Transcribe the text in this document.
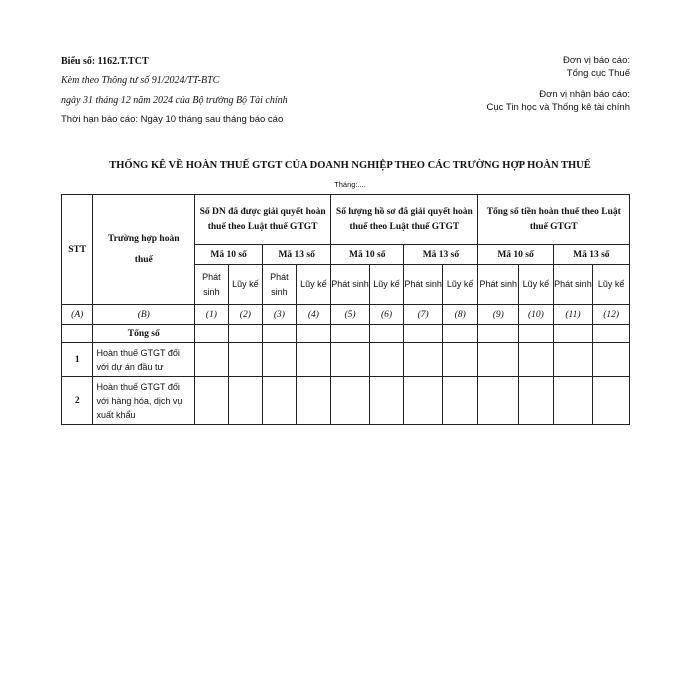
Biểu số: 1162.T.TCT
Kèm theo Thông tư số 91/2024/TT-BTC
ngày 31 tháng 12 năm 2024 của Bộ trưởng Bộ Tài chính
Thời hạn báo cáo: Ngày 10 tháng sau tháng báo cáo
Đơn vị báo cáo:
Tổng cục Thuế
Đơn vị nhận báo cáo:
Cục Tin học và Thống kê tài chính
THỐNG KÊ VỀ HOÀN THUẾ GTGT CỦA DOANH NGHIỆP THEO CÁC TRƯỜNG HỢP HOÀN THUẾ
Tháng:....
STT	Trường hợp hoàn thuế	Số DN đã được giải quyết hoàn thuế theo Luật thuế GTGT				Số lượng hồ sơ đã giải quyết hoàn thuế theo Luật thuế GTGT				Tổng số tiền hoàn thuế theo Luật thuế GTGT			
		Mã 10 số		Mã 13 số		Mã 10 số		Mã 13 số		Mã 10 số		Mã 13 số	
		Phát sinh	Lũy kế	Phát sinh	Lũy kế	Phát sinh	Lũy kế	Phát sinh	Lũy kế	Phát sinh	Lũy kế	Phát sinh	Lũy kế
(A)	(B)	(1)	(2)	(3)	(4)	(5)	(6)	(7)	(8)	(9)	(10)	(11)	(12)
	Tổng số												
1	Hoàn thuế GTGT đối với dự án đầu tư												
2	Hoàn thuế GTGT đối với hàng hóa, dịch vụ xuất khẩu												
